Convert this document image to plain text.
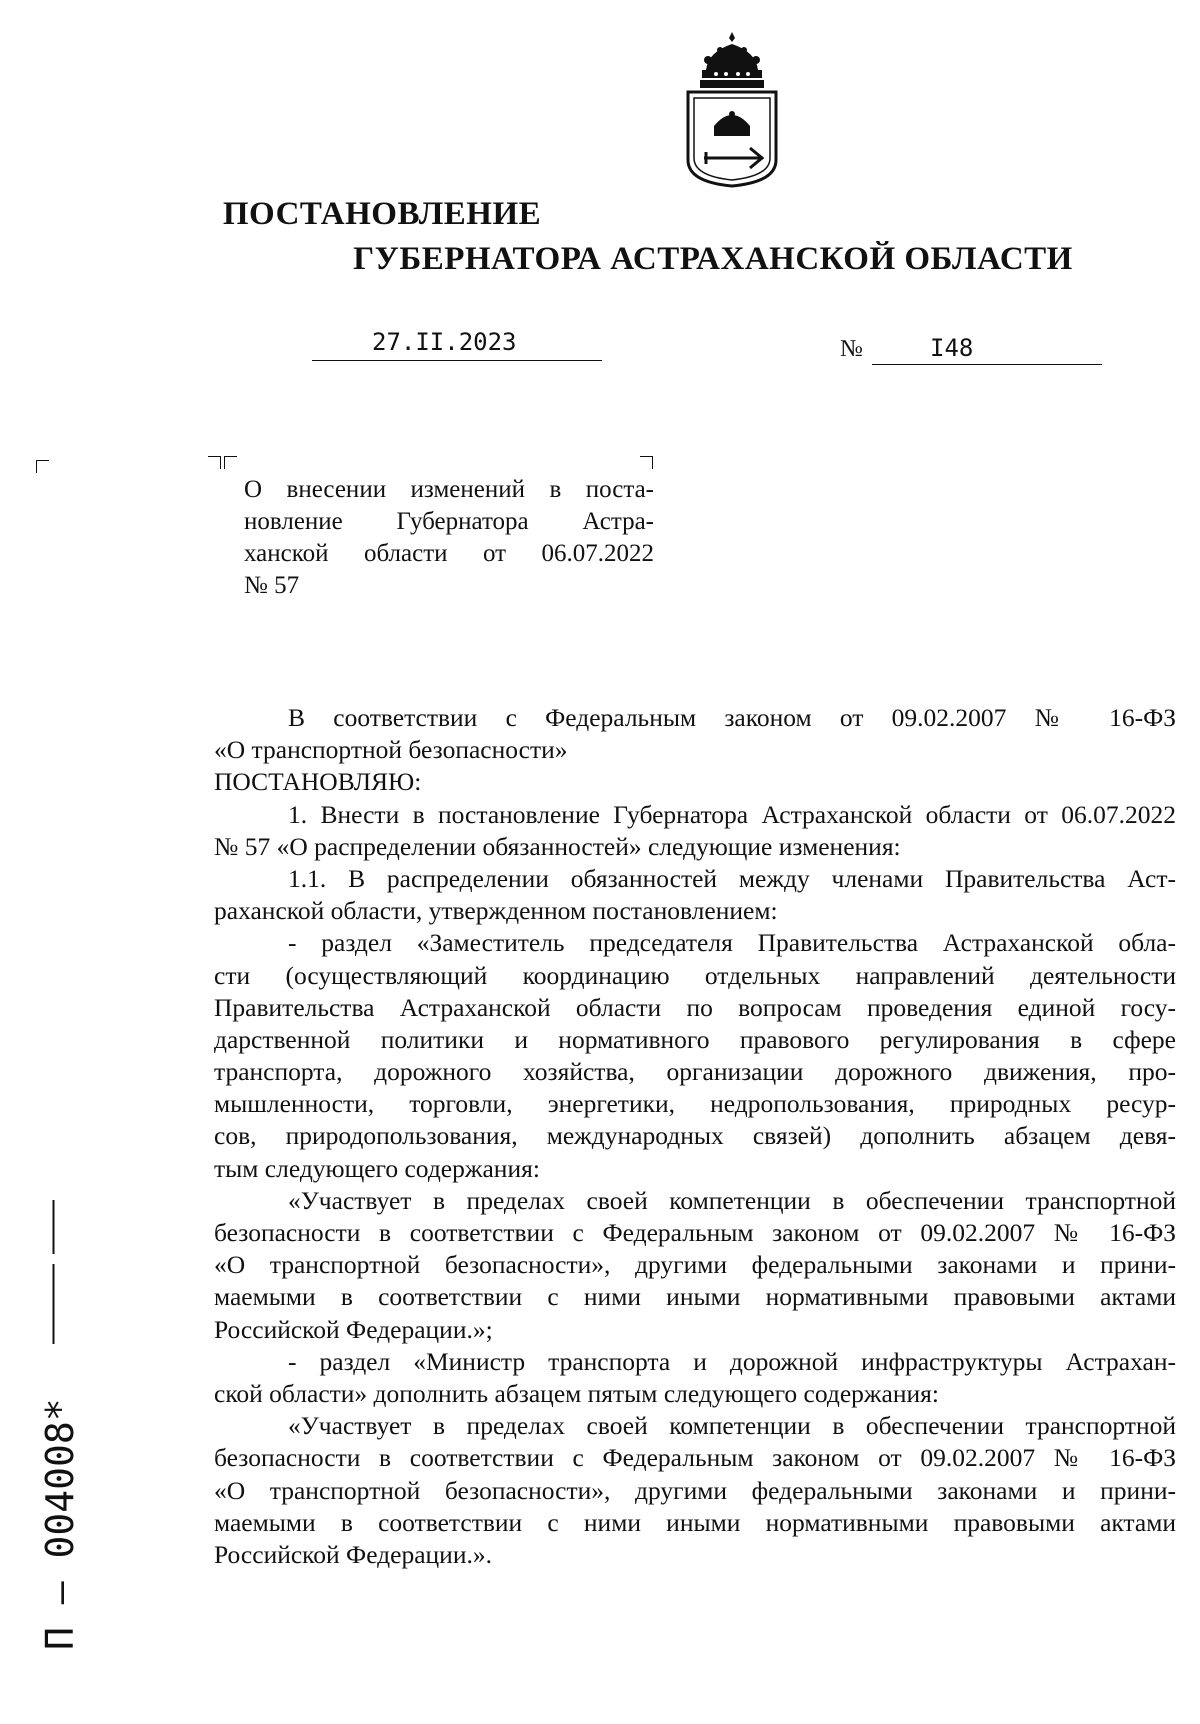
ПОСТАНОВЛЕНИЕ
ГУБЕРНАТОРА АСТРАХАНСКОЙ ОБЛАСТИ
27.II.2023	№	I48
О внесении изменений в поста-
новление Губернатора Астра-
ханской области от 06.07.2022
№ 57
В соответствии с Федеральным законом от 09.02.2007 № 16-ФЗ
«О транспортной безопасности»
ПОСТАНОВЛЯЮ:
1. Внести в постановление Губернатора Астраханской области от 06.07.2022
№ 57 «О распределении обязанностей» следующие изменения:
1.1. В распределении обязанностей между членами Правительства Аст-
раханской области, утвержденном постановлением:
- раздел «Заместитель председателя Правительства Астраханской обла-
сти (осуществляющий координацию отдельных направлений деятельности
Правительства Астраханской области по вопросам проведения единой госу-
дарственной политики и нормативного правового регулирования в сфере
транспорта, дорожного хозяйства, организации дорожного движения, про-
мышленности, торговли, энергетики, недропользования, природных ресур-
сов, природопользования, международных связей) дополнить абзацем девя-
тым следующего содержания:
«Участвует в пределах своей компетенции в обеспечении транспортной
безопасности в соответствии с Федеральным законом от 09.02.2007 № 16-ФЗ
«О транспортной безопасности», другими федеральными законами и прини-
маемыми в соответствии с ними иными нормативными правовыми актами
Российской Федерации.»;
- раздел «Министр транспорта и дорожной инфраструктуры Астрахан-
ской области» дополнить абзацем пятым следующего содержания:
«Участвует в пределах своей компетенции в обеспечении транспортной
безопасности в соответствии с Федеральным законом от 09.02.2007 № 16-ФЗ
«О транспортной безопасности», другими федеральными законами и прини-
маемыми в соответствии с ними иными нормативными правовыми актами
Российской Федерации.».
П – 004008*
